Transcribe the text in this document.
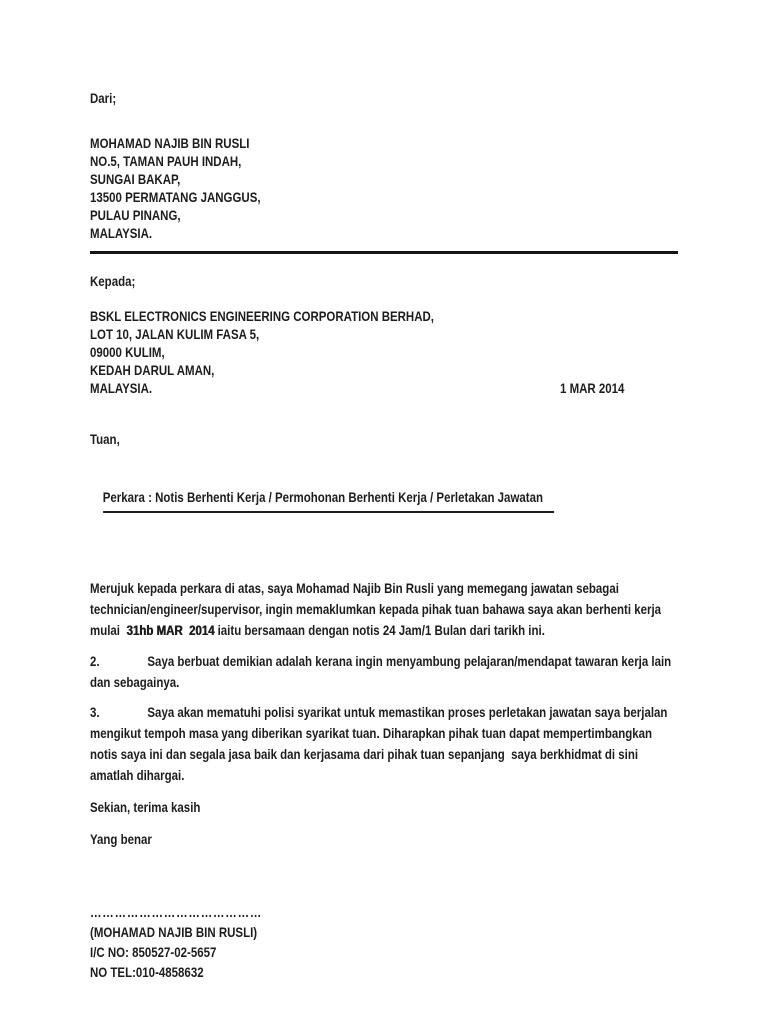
Dari;
MOHAMAD NAJIB BIN RUSLI
NO.5, TAMAN PAUH INDAH,
SUNGAI BAKAP,
13500 PERMATANG JANGGUS,
PULAU PINANG,
MALAYSIA.
Kepada;
BSKL ELECTRONICS ENGINEERING CORPORATION BERHAD,
LOT 10, JALAN KULIM FASA 5,
09000 KULIM,
KEDAH DARUL AMAN,
MALAYSIA.	1 MAR 2014
Tuan,

Perkara : Notis Berhenti Kerja / Permohonan Berhenti Kerja / Perletakan Jawatan

Merujuk kepada perkara di atas, saya Mohamad Najib Bin Rusli yang memegang jawatan sebagai
technician/engineer/supervisor, ingin memaklumkan kepada pihak tuan bahawa saya akan berhenti kerja
mulai  31hb MAR  2014 iaitu bersamaan dengan notis 24 Jam/1 Bulan dari tarikh ini.
2.	Saya berbuat demikian adalah kerana ingin menyambung pelajaran/mendapat tawaran kerja lain
dan sebagainya.
3.	Saya akan mematuhi polisi syarikat untuk memastikan proses perletakan jawatan saya berjalan
mengikut tempoh masa yang diberikan syarikat tuan. Diharapkan pihak tuan dapat mempertimbangkan
notis saya ini dan segala jasa baik dan kerjasama dari pihak tuan sepanjang  saya berkhidmat di sini
amatlah dihargai.
Sekian, terima kasih
Yang benar
……………………………………
(MOHAMAD NAJIB BIN RUSLI)
I/C NO: 850527-02-5657
NO TEL:010-4858632
